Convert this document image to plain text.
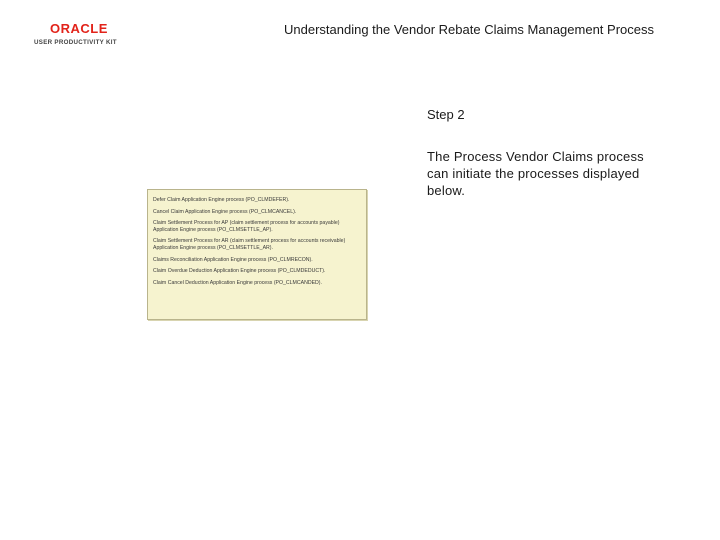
ORACLE
USER PRODUCTIVITY KIT
Understanding the Vendor Rebate Claims Management Process
Step 2
The Process Vendor Claims process can initiate the processes displayed below.
Defer Claim Application Engine process (PO_CLMDEFER).
Cancel Claim Application Engine process (PO_CLMCANCEL).
Claim Settlement Process for AP (claim settlement process for accounts payable) Application Engine process (PO_CLMSETTLE_AP).
Claim Settlement Process for AR (claim settlement process for accounts receivable) Application Engine process (PO_CLMSETTLE_AR).
Claims Reconciliation Application Engine process (PO_CLMRECON).
Claim Overdue Deduction Application Engine process (PO_CLMDEDUCT).
Claim Cancel Deduction Application Engine process (PO_CLMCANDED).
